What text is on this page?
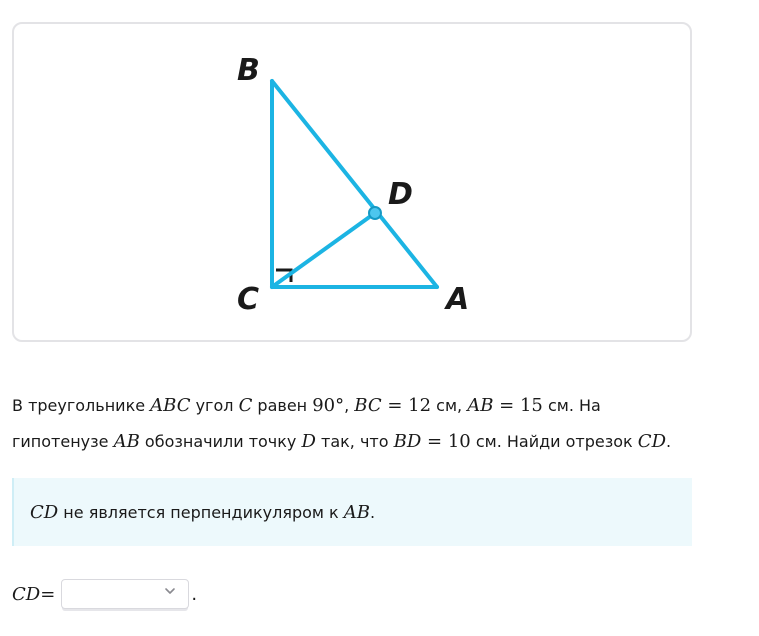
B
D
C	A
В треугольнике ABC угол C равен 90°, BC = 12 см, AB = 15 см. На
гипотенузе AB обозначили точку D так, что BD = 10 см. Найди отрезок CD.
CD не является перпендикуляром к AB.
CD =	.
